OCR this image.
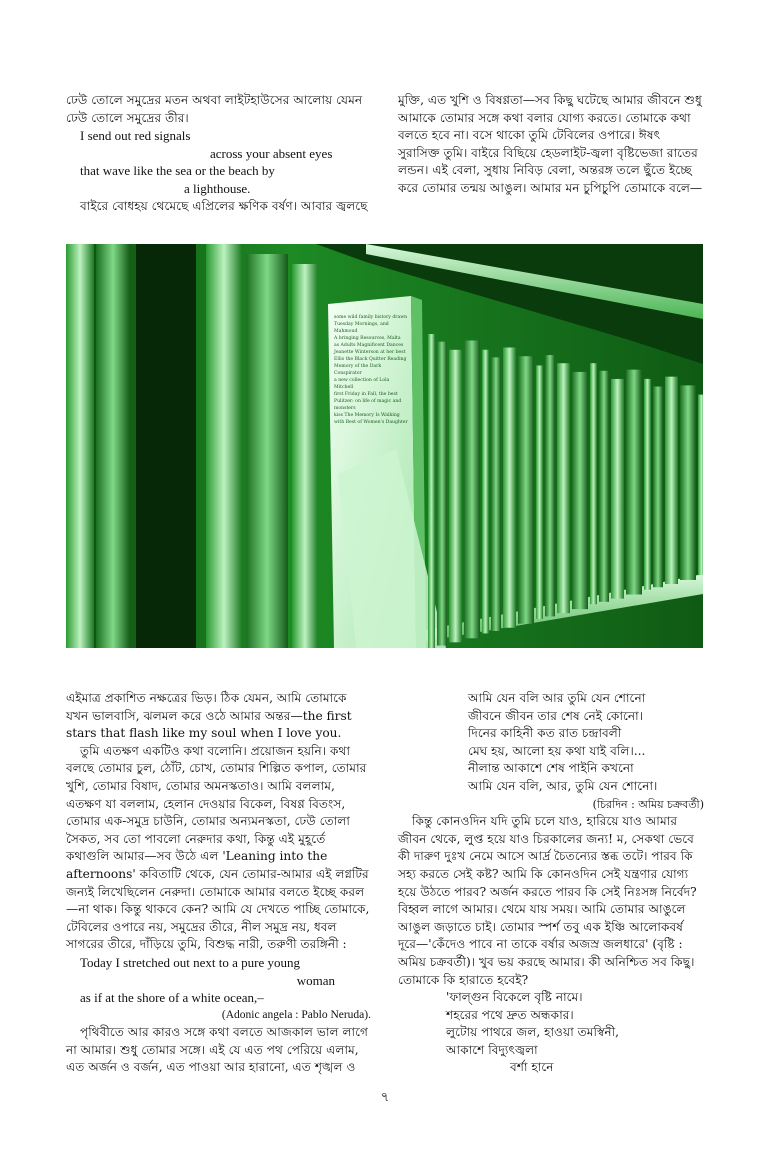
ঢেউ তোলে সমুদ্রের মতন অথবা লাইটহাউসের আলোয় যেমন ঢেউ তোলে সমুদ্রের তীর।

I send out red signals

across your absent eyes

that wave like the sea or the beach by

a lighthouse.

বাইরে বোধহয় থেমেছে এপ্রিলের ক্ষণিক বর্ষণ। আবার জ্বলছে

মুক্তি, এত খুশি ও বিষণ্ণতা—সব কিছু ঘটেছে আমার জীবনে শুধু আমাকে তোমার সঙ্গে কথা বলার যোগ্য করতে। তোমাকে কথা বলতে হবে না। বসে থাকো তুমি টেবিলের ওপারে। ঈষৎ সুরাসিক্ত তুমি। বাইরে বিছিয়ে হেডলাইট-জ্বলা বৃষ্টিভেজা রাতের লন্ডন। এই বেলা, সুধায় নিবিড় বেলা, অন্তরঙ্গ তলে ছুঁতে ইচ্ছে করে তোমার তন্ময় আঙুল। আমার মন চুপিচুপি তোমাকে বলে—

some wild family history drawn
Tuesday Mornings, and Mahmoud
A bringing Resources, Malta
as Adults Magnificent Dances
Jeanette Winterson at her best
Ellis the Black Quitter Reading
Memory of the Dark Conspirator
a new collection of Lola Mitchell
first Friday in Fall, the best
Pulitzer: on life of magic and monsters
kiss The Memory Is Walking
with Best of Women's Daughter

এইমাত্র প্রকাশিত নক্ষত্রের ভিড়। ঠিক যেমন, আমি তোমাকে যখন ভালবাসি, ঝলমল করে ওঠে আমার অন্তর—the first stars that flash like my soul when I love you.

তুমি এতক্ষণ একটিও কথা বলোনি। প্রয়োজন হয়নি। কথা বলছে তোমার চুল, ঠোঁট, চোখ, তোমার শিল্পিত কপাল, তোমার খুশি, তোমার বিষাদ, তোমার অমনস্কতাও। আমি বললাম, এতক্ষণ যা বললাম, হেলান দেওয়ার বিকেল, বিষণ্ণ বিতংস, তোমার এক-সমুদ্র চাউনি, তোমার অন্যমনস্কতা, ঢেউ তোলা সৈকত, সব তো পাবলো নেরুদার কথা, কিন্তু এই মুহূর্তে কথাগুলি আমার—সব উঠে এল 'Leaning into the afternoons' কবিতাটি থেকে, যেন তোমার-আমার এই লগ্নটির জন্যই লিখেছিলেন নেরুদা। তোমাকে আমার বলতে ইচ্ছে করল—না থাক। কিন্তু থাকবে কেন? আমি যে দেখতে পাচ্ছি তোমাকে, টেবিলের ওপারে নয়, সমুদ্রের তীরে, নীল সমুদ্র নয়, ধবল সাগরের তীরে, দাঁড়িয়ে তুমি, বিশুদ্ধ নারী, তরুণী তরঙ্গিনী :

Today I stretched out next to a pure young

woman

as if at the shore of a white ocean,–

(Adonic angela : Pablo Neruda).

পৃথিবীতে আর কারও সঙ্গে কথা বলতে আজকাল ভাল লাগে না আমার। শুধু তোমার সঙ্গে। এই যে এত পথ পেরিয়ে এলাম, এত অর্জন ও বর্জন, এত পাওয়া আর হারানো, এত শৃঙ্খল ও

আমি যেন বলি আর তুমি যেন শোনো

জীবনে জীবন তার শেষ নেই কোনো।

দিনের কাহিনী কত রাত চন্দ্রাবলী

মেঘ হয়, আলো হয় কথা যাই বলি।...

নীলান্ত আকাশে শেষ পাইনি কখনো

আমি যেন বলি, আর, তুমি যেন শোনো।

(চিরদিন : অমিয় চক্রবর্তী)

কিন্তু কোনওদিন যদি তুমি চলে যাও, হারিয়ে যাও আমার জীবন থেকে, লুপ্ত হয়ে যাও চিরকালের জন্য! ম, সেকথা ভেবে কী দারুণ দুঃখ নেমে আসে আর্দ্র চৈতন্যের স্তব্ধ তটে। পারব কি সহ্য করতে সেই কষ্ট? আমি কি কোনওদিন সেই যন্ত্রণার যোগ্য হয়ে উঠতে পারব? অর্জন করতে পারব কি সেই নিঃসঙ্গ নির্বেদ? বিহ্বল লাগে আমার। থেমে যায় সময়। আমি তোমার আঙুলে আঙুল জড়াতে চাই। তোমার স্পর্শ তবু এক ইঞ্চি আলোকবর্ষ দূরে—'কেঁদেও পাবে না তাকে বর্ষার অজস্র জলধারে' (বৃষ্টি : অমিয় চক্রবর্তী)। খুব ভয় করছে আমার। কী অনিশ্চিত সব কিছু। তোমাকে কি হারাতে হবেই?

'ফাল্গুন বিকেলে বৃষ্টি নামে।

শহরের পথে দ্রুত অন্ধকার।

লুটোয় পাথরে জল, হাওয়া তমস্বিনী,

আকাশে বিদ্যুৎজ্বলা

বর্শা হানে

৭
